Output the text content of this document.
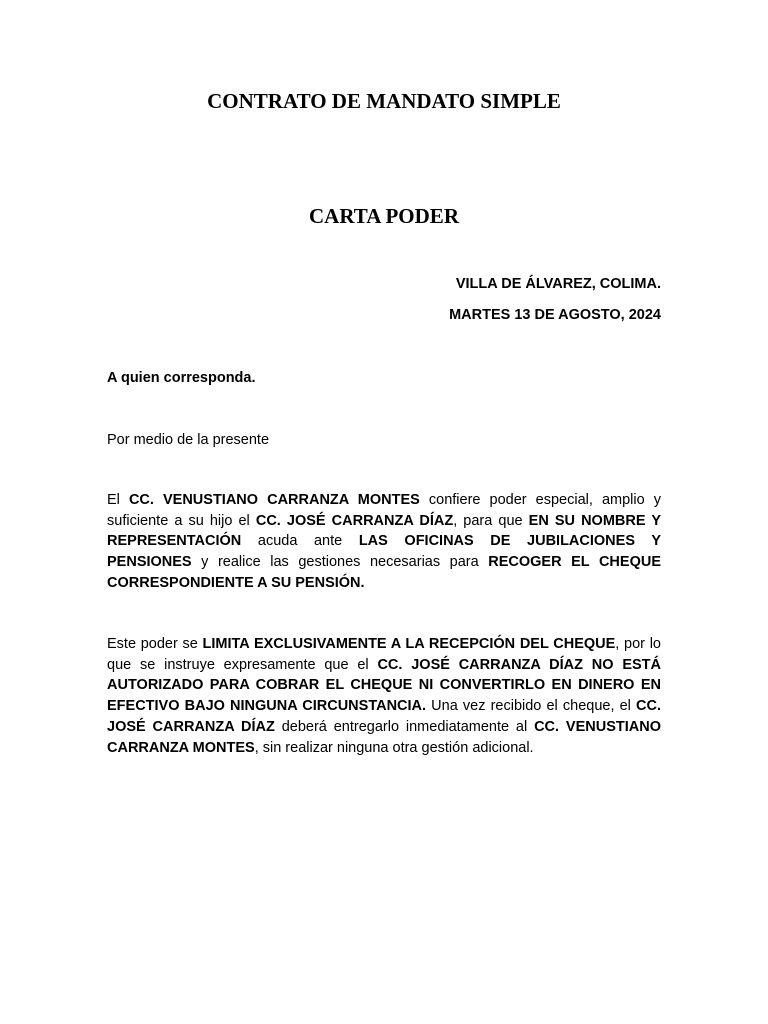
CONTRATO DE MANDATO SIMPLE
CARTA PODER

VILLA DE ÁLVAREZ, COLIMA.

MARTES 13 DE AGOSTO, 2024

A quien corresponda.

Por medio de la presente

El CC. VENUSTIANO CARRANZA MONTES confiere poder especial, amplio y suficiente a su hijo el CC. JOSÉ CARRANZA DÍAZ, para que EN SU NOMBRE Y REPRESENTACIÓN acuda ante LAS OFICINAS DE JUBILACIONES Y PENSIONES y realice las gestiones necesarias para RECOGER EL CHEQUE CORRESPONDIENTE A SU PENSIÓN.

Este poder se LIMITA EXCLUSIVAMENTE A LA RECEPCIÓN DEL CHEQUE, por lo que se instruye expresamente que el CC. JOSÉ CARRANZA DÍAZ NO ESTÁ AUTORIZADO PARA COBRAR EL CHEQUE NI CONVERTIRLO EN DINERO EN EFECTIVO BAJO NINGUNA CIRCUNSTANCIA. Una vez recibido el cheque, el CC. JOSÉ CARRANZA DÍAZ deberá entregarlo inmediatamente al CC. VENUSTIANO CARRANZA MONTES, sin realizar ninguna otra gestión adicional.
